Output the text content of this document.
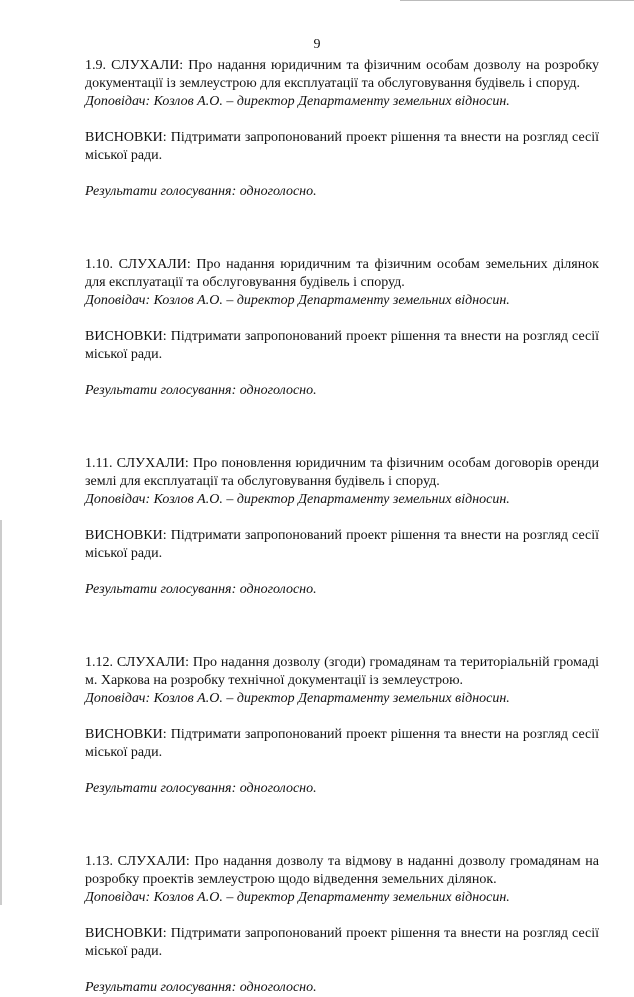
9

1.9. СЛУХАЛИ: Про надання юридичним та фізичним особам дозволу на розробку документації із землеустрою для експлуатації та обслуговування будівель і споруд.

Доповідач: Козлов А.О. – директор Департаменту земельних відносин.

ВИСНОВКИ: Підтримати запропонований проект рішення та внести на розгляд сесії міської ради.

Результати голосування: одноголосно.

1.10. СЛУХАЛИ: Про надання юридичним та фізичним особам земельних ділянок для експлуатації та обслуговування будівель і споруд.

Доповідач: Козлов А.О. – директор Департаменту земельних відносин.

ВИСНОВКИ: Підтримати запропонований проект рішення та внести на розгляд сесії міської ради.

Результати голосування: одноголосно.

1.11. СЛУХАЛИ: Про поновлення юридичним та фізичним особам договорів оренди землі для експлуатації та обслуговування будівель і споруд.

Доповідач: Козлов А.О. – директор Департаменту земельних відносин.

ВИСНОВКИ: Підтримати запропонований проект рішення та внести на розгляд сесії міської ради.

Результати голосування: одноголосно.

1.12. СЛУХАЛИ: Про надання дозволу (згоди) громадянам та територіальній громаді м. Харкова на розробку технічної документації із землеустрою.

Доповідач: Козлов А.О. – директор Департаменту земельних відносин.

ВИСНОВКИ: Підтримати запропонований проект рішення та внести на розгляд сесії міської ради.

Результати голосування: одноголосно.

1.13. СЛУХАЛИ: Про надання дозволу та відмову в наданні дозволу громадянам на розробку проектів землеустрою щодо відведення земельних ділянок.

Доповідач: Козлов А.О. – директор Департаменту земельних відносин.

ВИСНОВКИ: Підтримати запропонований проект рішення та внести на розгляд сесії міської ради.

Результати голосування: одноголосно.
